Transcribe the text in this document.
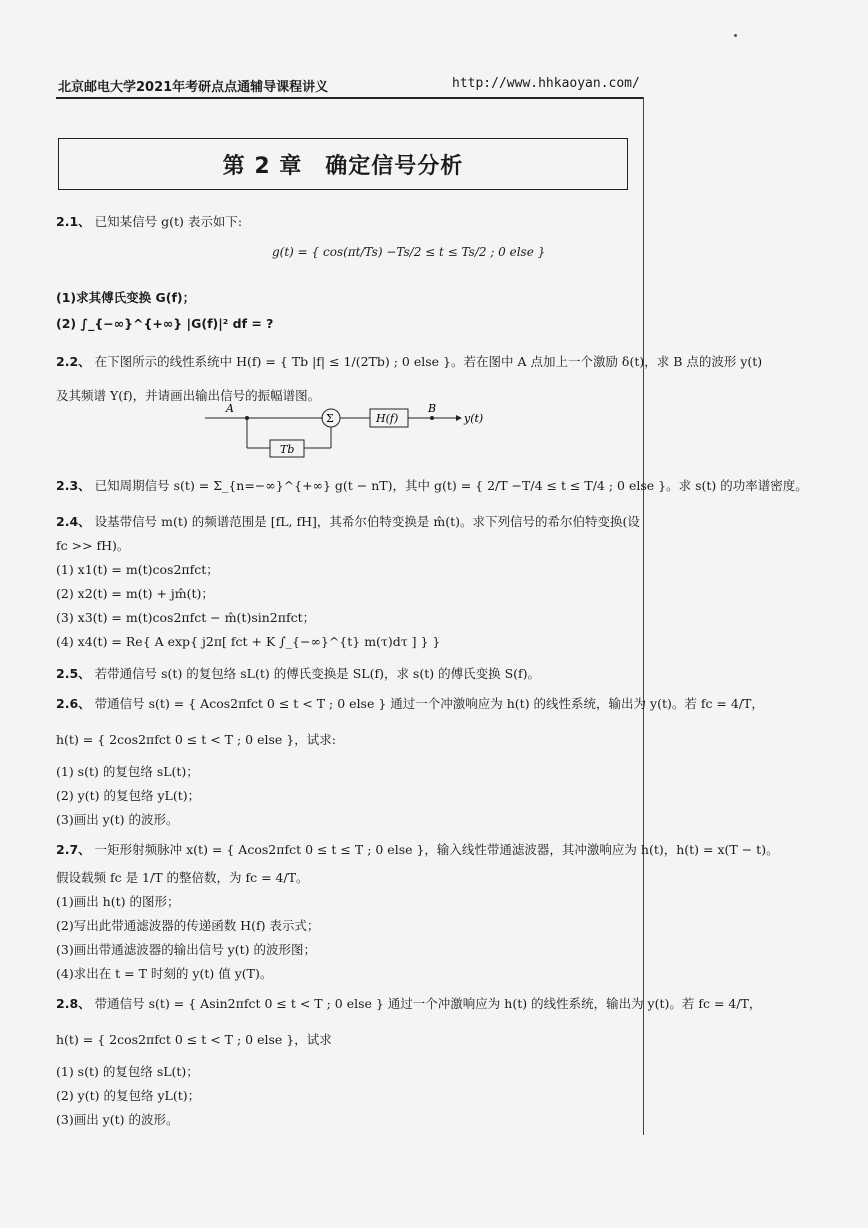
北京邮电大学2021年考研点点通辅导课程讲义	http://www.hhkaoyan.com/
第 2 章　确定信号分析
2.1、 已知某信号 g(t) 表示如下:
g(t) = { cos(πt/Ts) −Ts/2 ≤ t ≤ Ts/2 ; 0 else }
(1)求其傅氏变换 G(f)；
(2) ∫_{−∞}^{+∞} |G(f)|² df = ?
2.2、 在下图所示的线性系统中 H(f) = { Tb |f| ≤ 1/(2Tb) ; 0 else }。若在图中 A 点加上一个激励 δ(t)，求 B 点的波形 y(t)
及其频谱 Y(f)，并请画出输出信号的振幅谱图。
A
Tb
Σ	H(f)
B
y(t)
2.3、 已知周期信号 s(t) = Σ_{n=−∞}^{+∞} g(t − nT)，其中 g(t) = { 2/T −T/4 ≤ t ≤ T/4 ; 0 else }。求 s(t) 的功率谱密度。
2.4、 设基带信号 m(t) 的频谱范围是 [fL, fH]，其希尔伯特变换是 m̂(t)。求下列信号的希尔伯特变换(设
fc >> fH)。
(1) x1(t) = m(t)cos2πfct；
(2) x2(t) = m(t) + jm̂(t)；
(3) x3(t) = m(t)cos2πfct − m̂(t)sin2πfct；
(4) x4(t) = Re{ A exp{ j2π[ fct + K ∫_{−∞}^{t} m(τ)dτ ] } }
2.5、 若带通信号 s(t) 的复包络 sL(t) 的傅氏变换是 SL(f)，求 s(t) 的傅氏变换 S(f)。
2.6、 带通信号 s(t) = { Acos2πfct 0 ≤ t < T ; 0 else } 通过一个冲激响应为 h(t) 的线性系统，输出为 y(t)。若 fc = 4/T，
h(t) = { 2cos2πfct 0 ≤ t < T ; 0 else }，试求:
(1) s(t) 的复包络 sL(t)；
(2) y(t) 的复包络 yL(t)；
(3)画出 y(t) 的波形。
2.7、 一矩形射频脉冲 x(t) = { Acos2πfct 0 ≤ t ≤ T ; 0 else }，输入线性带通滤波器，其冲激响应为 h(t)，h(t) = x(T − t)。
假设载频 fc 是 1/T 的整倍数，为 fc = 4/T。
(1)画出 h(t) 的图形；
(2)写出此带通滤波器的传递函数 H(f) 表示式；
(3)画出带通滤波器的输出信号 y(t) 的波形图；
(4)求出在 t = T 时刻的 y(t) 值 y(T)。
2.8、 带通信号 s(t) = { Asin2πfct 0 ≤ t < T ; 0 else } 通过一个冲激响应为 h(t) 的线性系统，输出为 y(t)。若 fc = 4/T，
h(t) = { 2cos2πfct 0 ≤ t < T ; 0 else }，试求
(1) s(t) 的复包络 sL(t)；
(2) y(t) 的复包络 yL(t)；
(3)画出 y(t) 的波形。
